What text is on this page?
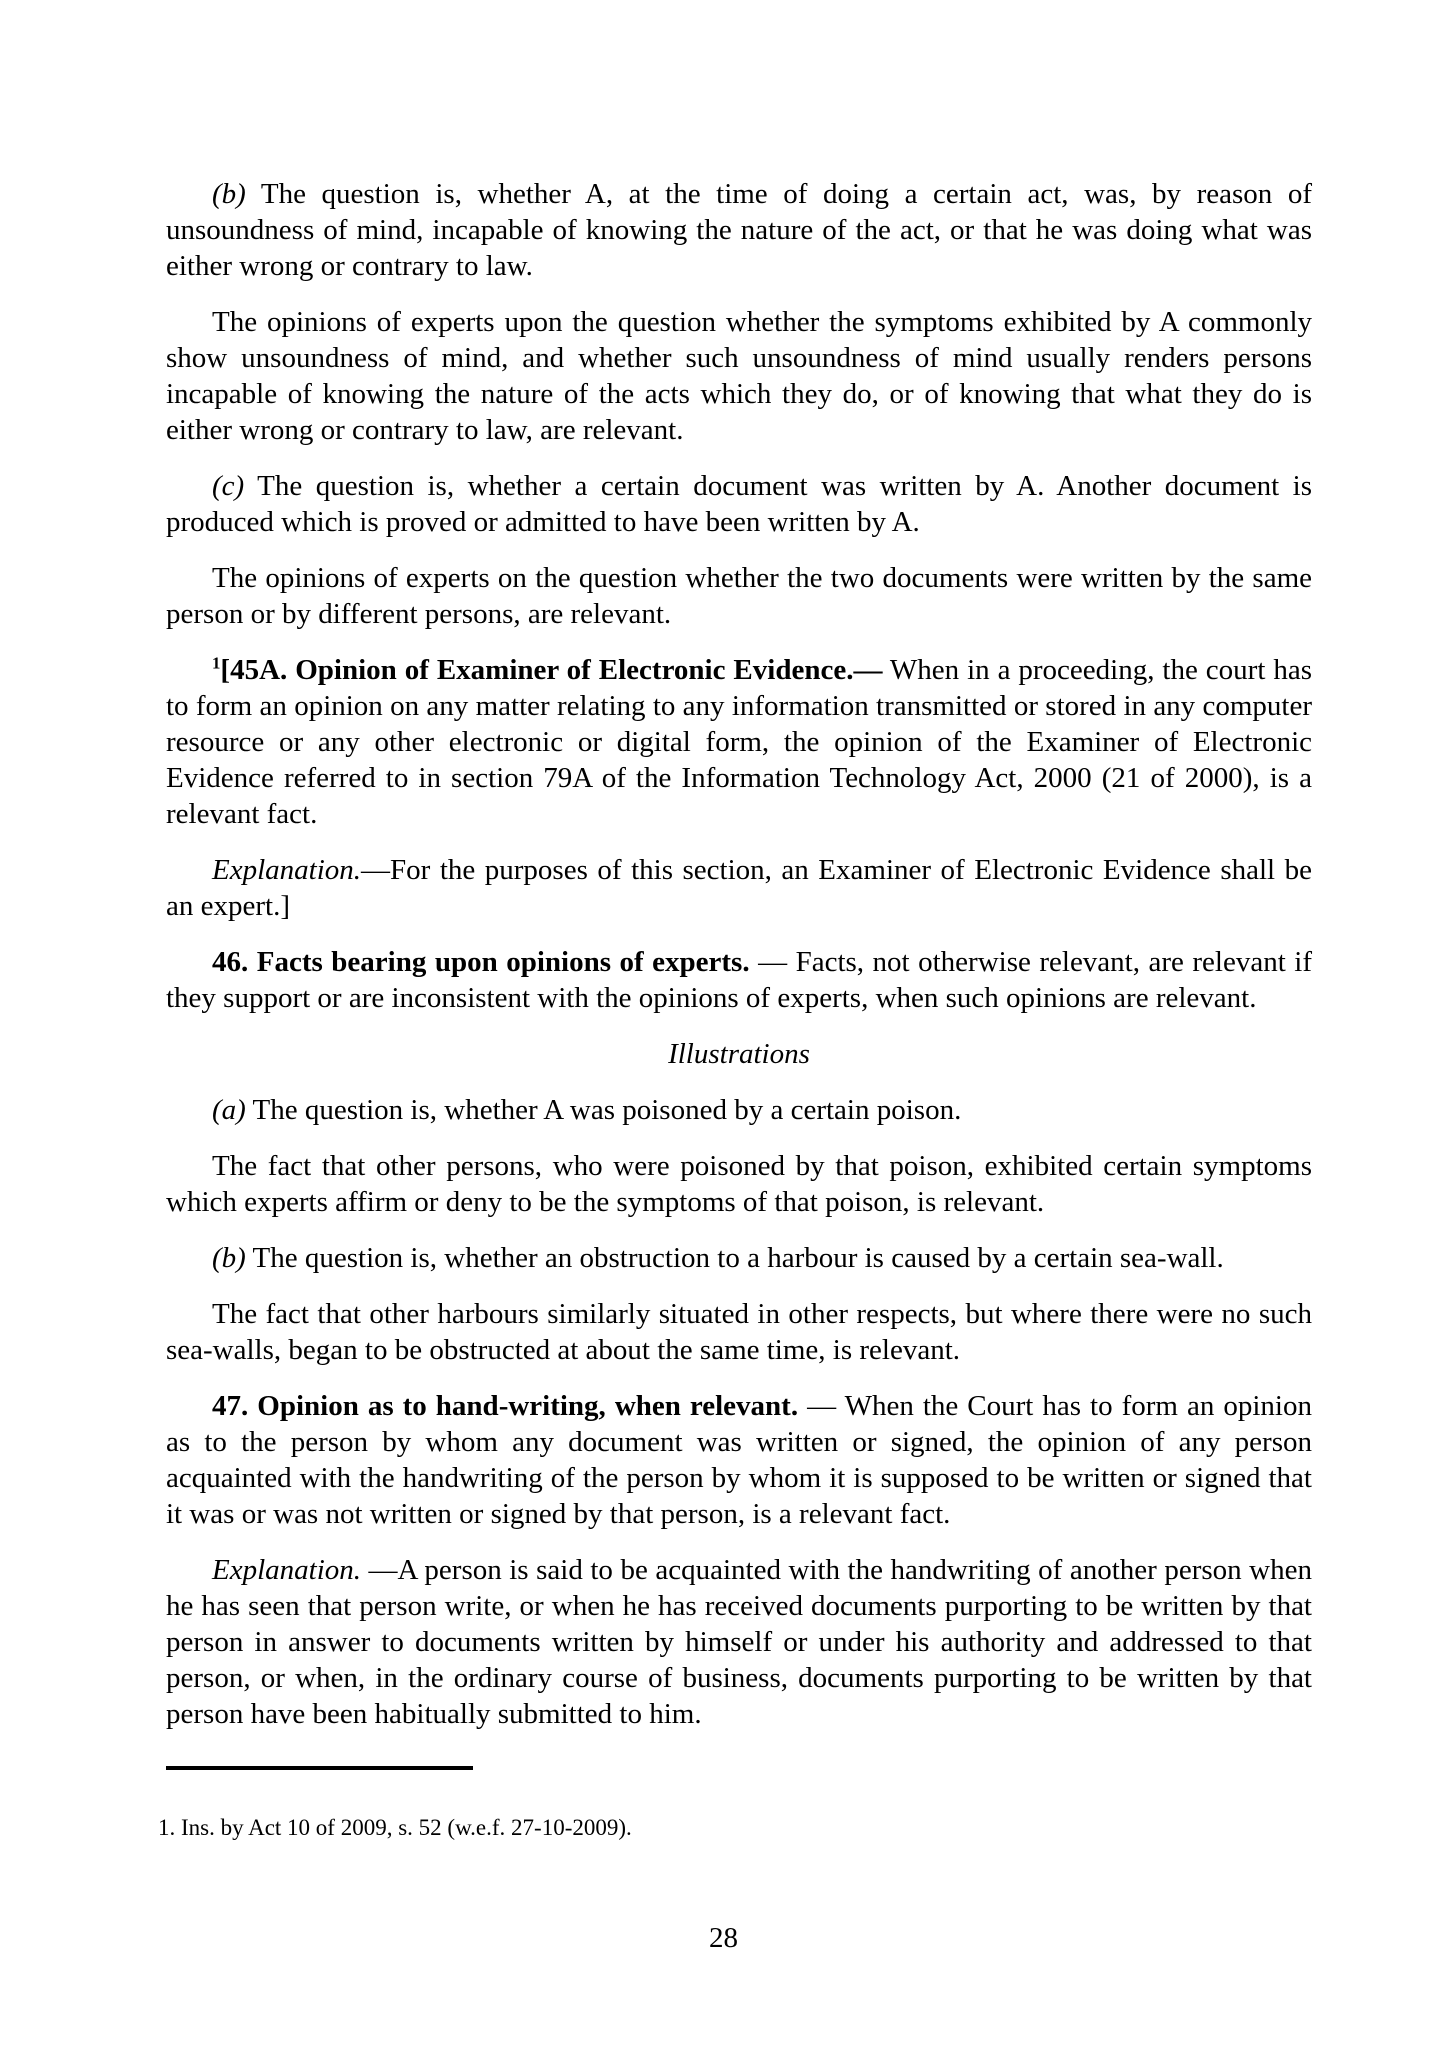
(b) The question is, whether A, at the time of doing a certain act, was, by reason of unsoundness of mind, incapable of knowing the nature of the act, or that he was doing what was either wrong or contrary to law.

The opinions of experts upon the question whether the symptoms exhibited by A commonly show unsoundness of mind, and whether such unsoundness of mind usually renders persons incapable of knowing the nature of the acts which they do, or of knowing that what they do is either wrong or contrary to law, are relevant.

(c) The question is, whether a certain document was written by A. Another document is produced which is proved or admitted to have been written by A.

The opinions of experts on the question whether the two documents were written by the same person or by different persons, are relevant.

$^1$[45A. Opinion of Examiner of Electronic Evidence.— When in a proceeding, the court has to form an opinion on any matter relating to any information transmitted or stored in any computer resource or any other electronic or digital form, the opinion of the Examiner of Electronic Evidence referred to in section 79A of the Information Technology Act, 2000 (21 of 2000), is a relevant fact.

Explanation.—For the purposes of this section, an Examiner of Electronic Evidence shall be an expert.]

46. Facts bearing upon opinions of experts. — Facts, not otherwise relevant, are relevant if they support or are inconsistent with the opinions of experts, when such opinions are relevant.

Illustrations

(a) The question is, whether A was poisoned by a certain poison.

The fact that other persons, who were poisoned by that poison, exhibited certain symptoms which experts affirm or deny to be the symptoms of that poison, is relevant.

(b) The question is, whether an obstruction to a harbour is caused by a certain sea-wall.

The fact that other harbours similarly situated in other respects, but where there were no such sea-walls, began to be obstructed at about the same time, is relevant.

47. Opinion as to hand-writing, when relevant. — When the Court has to form an opinion as to the person by whom any document was written or signed, the opinion of any person acquainted with the handwriting of the person by whom it is supposed to be written or signed that it was or was not written or signed by that person, is a relevant fact.

Explanation. —A person is said to be acquainted with the handwriting of another person when he has seen that person write, or when he has received documents purporting to be written by that person in answer to documents written by himself or under his authority and addressed to that person, or when, in the ordinary course of business, documents purporting to be written by that person have been habitually submitted to him.

1. Ins. by Act 10 of 2009, s. 52 (w.e.f. 27-10-2009).

28
